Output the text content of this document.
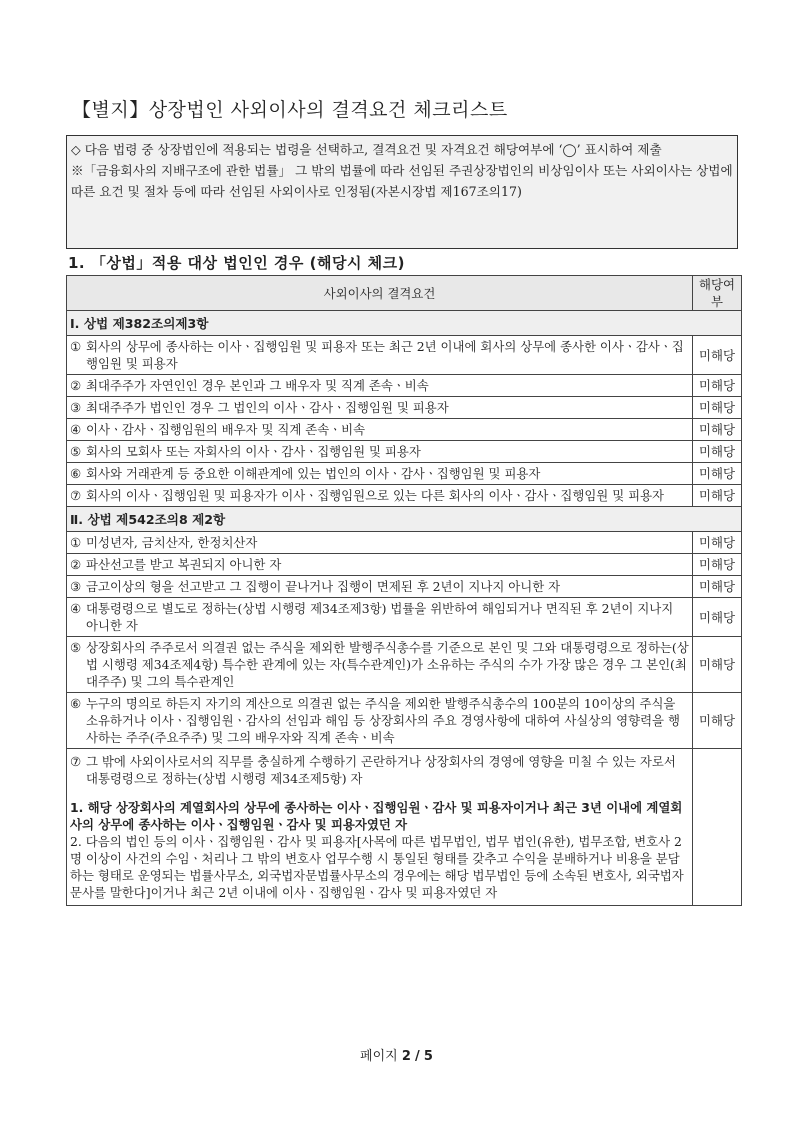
【별지】상장법인 사외이사의 결격요건 체크리스트

◇ 다음 법령 중 상장법인에 적용되는 법령을 선택하고, 결격요건 및 자격요건 해당여부에 ‘◯’ 표시하여 제출

※「금융회사의 지배구조에 관한 법률」 그 밖의 법률에 따라 선임된 주권상장법인의 비상임이사 또는 사외이사는 상법에 따른 요건 및 절차 등에 따라 선임된 사외이사로 인정됨(자본시장법 제167조의17)

1. 「상법」적용 대상 법인인 경우 (해당시 체크)
사외이사의 결격요건	해당여부
Ⅰ. 상법 제382조의제3항	

① 회사의 상무에 종사하는 이사ㆍ집행임원 및 피용자 또는 최근 2년 이내에 회사의 상무에 종사한 이사ㆍ감사ㆍ집행임원 및 피용자	미해당

② 최대주주가 자연인인 경우 본인과 그 배우자 및 직계 존속ㆍ비속	미해당

③ 최대주주가 법인인 경우 그 법인의 이사ㆍ감사ㆍ집행임원 및 피용자	미해당

④ 이사ㆍ감사ㆍ집행임원의 배우자 및 직계 존속ㆍ비속	미해당

⑤ 회사의 모회사 또는 자회사의 이사ㆍ감사ㆍ집행임원 및 피용자	미해당

⑥ 회사와 거래관계 등 중요한 이해관계에 있는 법인의 이사ㆍ감사ㆍ집행임원 및 피용자	미해당

⑦ 회사의 이사ㆍ집행임원 및 피용자가 이사ㆍ집행임원으로 있는 다른 회사의 이사ㆍ감사ㆍ집행임원 및 피용자	미해당
Ⅱ. 상법 제542조의8 제2항	

① 미성년자, 금치산자, 한정치산자	미해당

② 파산선고를 받고 복권되지 아니한 자	미해당

③ 금고이상의 형을 선고받고 그 집행이 끝나거나 집행이 면제된 후 2년이 지나지 아니한 자	미해당

④ 대통령령으로 별도로 정하는(상법 시행령 제34조제3항) 법률을 위반하여 해임되거나 면직된 후 2년이 지나지 아니한 자	미해당

⑤ 상장회사의 주주로서 의결권 없는 주식을 제외한 발행주식총수를 기준으로 본인 및 그와 대통령령으로 정하는(상법 시행령 제34조제4항) 특수한 관계에 있는 자(특수관계인)가 소유하는 주식의 수가 가장 많은 경우 그 본인(최대주주) 및 그의 특수관계인	미해당

⑥ 누구의 명의로 하든지 자기의 계산으로 의결권 없는 주식을 제외한 발행주식총수의 100분의 10이상의 주식을 소유하거나 이사ㆍ집행임원ㆍ감사의 선임과 해임 등 상장회사의 주요 경영사항에 대하여 사실상의 영향력을 행사하는 주주(주요주주) 및 그의 배우자와 직계 존속ㆍ비속	미해당

⑦ 그 밖에 사외이사로서의 직무를 충실하게 수행하기 곤란하거나 상장회사의 경영에 영향을 미칠 수 있는 자로서 대통령령으로 정하는(상법 시행령 제34조제5항) 자
1. 해당 상장회사의 계열회사의 상무에 종사하는 이사ㆍ집행임원ㆍ감사 및 피용자이거나 최근 3년 이내에 계열회사의 상무에 종사하는 이사ㆍ집행임원ㆍ감사 및 피용자였던 자
2. 다음의 법인 등의 이사ㆍ집행임원ㆍ감사 및 피용자[사목에 따른 법무법인, 법무 법인(유한), 법무조합, 변호사 2명 이상이 사건의 수임ㆍ처리나 그 밖의 변호사 업무수행 시 통일된 형태를 갖추고 수익을 분배하거나 비용을 분담하는 형태로 운영되는 법률사무소, 외국법자문법률사무소의 경우에는 해당 법무법인 등에 소속된 변호사, 외국법자문사를 말한다]이거나 최근 2년 이내에 이사ㆍ집행임원ㆍ감사 및 피용자였던 자	

페이지 2 / 5
